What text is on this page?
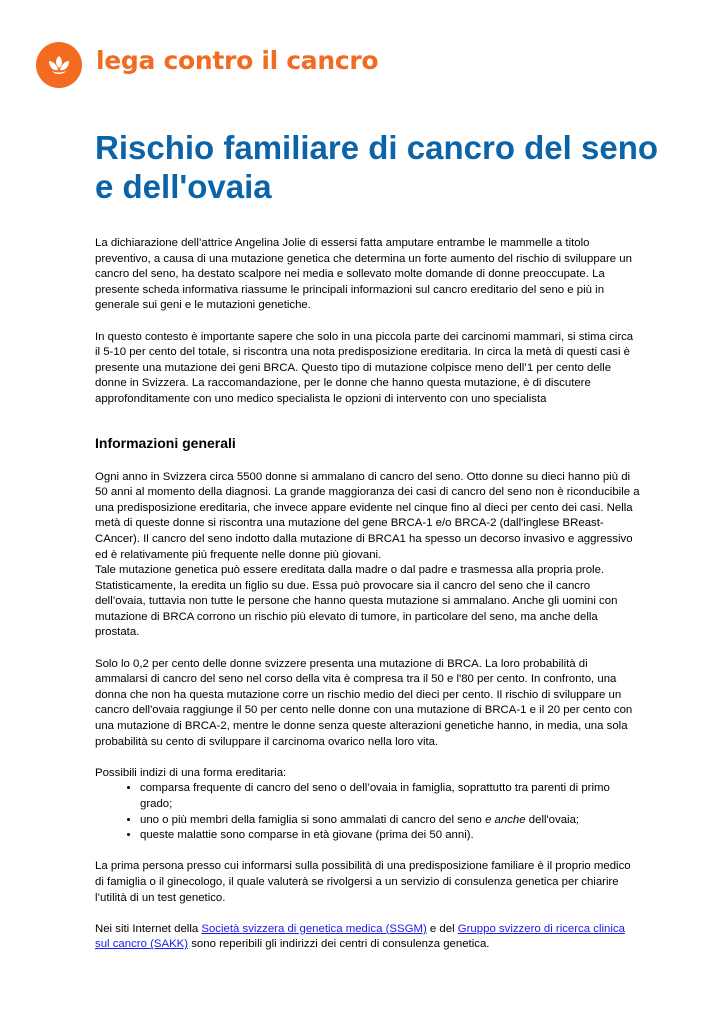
lega contro il cancro
Rischio familiare di cancro del seno e dell'ovaia

La dichiarazione dell’attrice Angelina Jolie di essersi fatta amputare entrambe le mammelle a titolo preventivo, a causa di una mutazione genetica che determina un forte aumento del rischio di sviluppare un cancro del seno, ha destato scalpore nei media e sollevato molte domande di donne preoccupate. La presente scheda informativa riassume le principali informazioni sul cancro ereditario del seno e più in generale sui geni e le mutazioni genetiche.

In questo contesto è importante sapere che solo in una piccola parte dei carcinomi mammari, si stima circa il 5-10 per cento del totale, si riscontra una nota predisposizione ereditaria. In circa la metà di questi casi è presente una mutazione dei geni BRCA. Questo tipo di mutazione colpisce meno dell’1 per cento delle donne in Svizzera. La raccomandazione, per le donne che hanno questa mutazione, è di discutere approfonditamente con uno medico specialista le opzioni di intervento con uno specialista

Informazioni generali

Ogni anno in Svizzera circa 5500 donne si ammalano di cancro del seno. Otto donne su dieci hanno più di 50 anni al momento della diagnosi. La grande maggioranza dei casi di cancro del seno non è riconducibile a una predisposizione ereditaria, che invece appare evidente nel cinque fino al dieci per cento dei casi. Nella metà di queste donne si riscontra una mutazione del gene BRCA-1 e/o BRCA-2 (dall'inglese BReast-CAncer). Il cancro del seno indotto dalla mutazione di BRCA1 ha spesso un decorso invasivo e aggressivo ed è relativamente più frequente nelle donne più giovani.

Tale mutazione genetica può essere ereditata dalla madre o dal padre e trasmessa alla propria prole. Statisticamente, la eredita un figlio su due. Essa può provocare sia il cancro del seno che il cancro dell’ovaia, tuttavia non tutte le persone che hanno questa mutazione si ammalano. Anche gli uomini con mutazione di BRCA corrono un rischio più elevato di tumore, in particolare del seno, ma anche della prostata.

Solo lo 0,2 per cento delle donne svizzere presenta una mutazione di BRCA. La loro probabilità di ammalarsi di cancro del seno nel corso della vita è compresa tra il 50 e l'80 per cento. In confronto, una donna che non ha questa mutazione corre un rischio medio del dieci per cento. Il rischio di sviluppare un cancro dell'ovaia raggiunge il 50 per cento nelle donne con una mutazione di BRCA-1 e il 20 per cento con una mutazione di BRCA-2, mentre le donne senza queste alterazioni genetiche hanno, in media, una sola probabilità su cento di sviluppare il carcinoma ovarico nella loro vita.

Possibili indizi di una forma ereditaria:

• comparsa frequente di cancro del seno o dell’ovaia in famiglia, soprattutto tra parenti di primo grado;
• uno o più membri della famiglia si sono ammalati di cancro del seno e anche dell'ovaia;
• queste malattie sono comparse in età giovane (prima dei 50 anni).

La prima persona presso cui informarsi sulla possibilità di una predisposizione familiare è il proprio medico di famiglia o il ginecologo, il quale valuterà se rivolgersi a un servizio di consulenza genetica per chiarire l’utilità di un test genetico.

Nei siti Internet della Società svizzera di genetica medica (SSGM) e del Gruppo svizzero di ricerca clinica sul cancro (SAKK) sono reperibili gli indirizzi dei centri di consulenza genetica.
